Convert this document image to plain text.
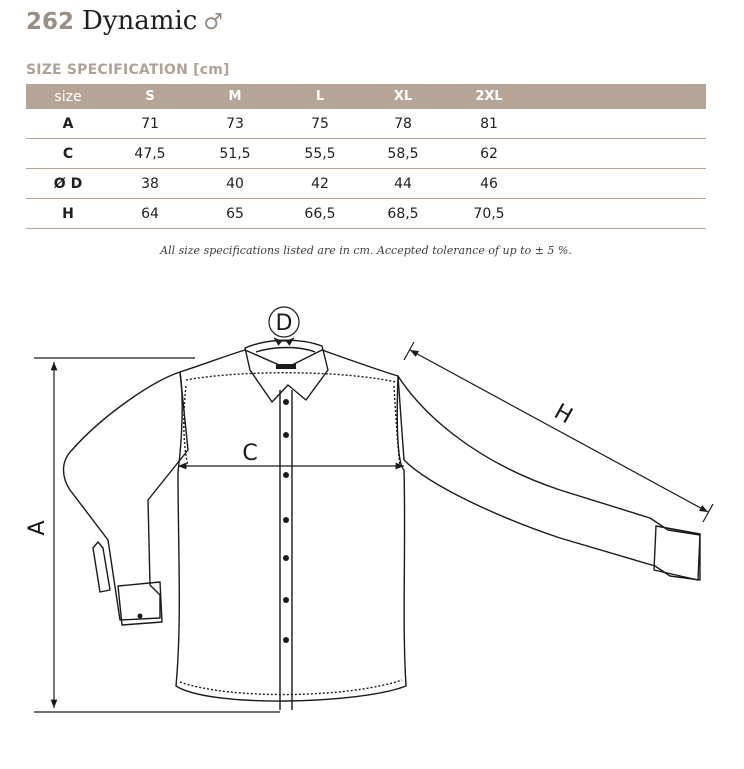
262 Dynamic ♂
SIZE SPECIFICATION [cm]
size	S	M	L	XL	2XL	
A	71	73	75	78	81	
C	47,5	51,5	55,5	58,5	62	
Ø D	38	40	42	44	46	
H	64	65	66,5	68,5	70,5	
All size specifications listed are in cm. Accepted tolerance of up to ± 5 %.
A
C
D
H
